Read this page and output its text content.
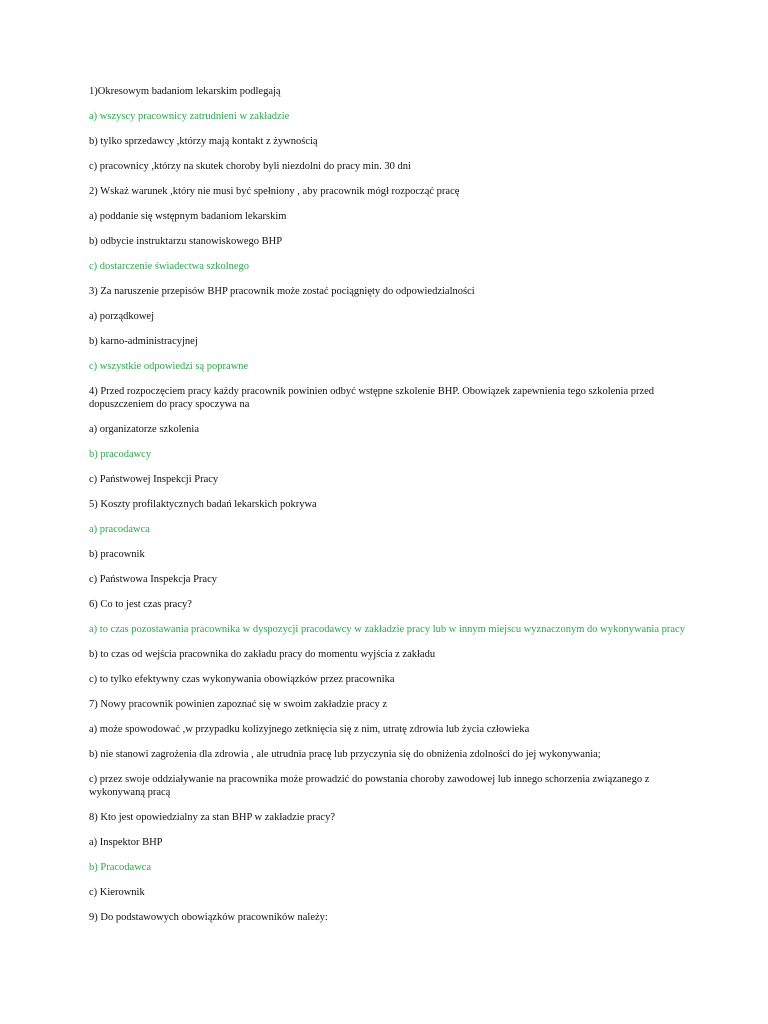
1)Okresowym badaniom lekarskim podlegają
a) wszyscy pracownicy zatrudnieni w zakładzie
b) tylko sprzedawcy ,którzy mają kontakt z żywnością
c) pracownicy ,którzy na skutek choroby byli niezdolni do pracy min. 30 dni
2) Wskaż warunek ,który nie musi być spełniony , aby pracownik mógł rozpocząć pracę
a) poddanie się wstępnym badaniom lekarskim
b) odbycie instruktarzu stanowiskowego BHP
c) dostarczenie świadectwa szkolnego
3) Za naruszenie przepisów BHP pracownik może zostać pociągnięty do odpowiedzialności
a) porządkowej
b) karno-administracyjnej
c) wszystkie odpowiedzi są poprawne
4) Przed rozpoczęciem pracy każdy pracownik powinien odbyć wstępne szkolenie BHP. Obowiązek zapewnienia tego szkolenia przed dopuszczeniem do pracy spoczywa na
a) organizatorze szkolenia
b) pracodawcy
c) Państwowej Inspekcji Pracy
5) Koszty profilaktycznych badań lekarskich pokrywa
a) pracodawca
b) pracownik
c) Państwowa Inspekcja Pracy
6) Co to jest czas pracy?
a) to czas pozostawania pracownika w dyspozycji pracodawcy w zakładzie pracy lub w innym miejscu wyznaczonym do wykonywania pracy
b) to czas od wejścia pracownika do zakładu pracy do momentu wyjścia z zakładu
c) to tylko efektywny czas wykonywania obowiązków przez pracownika
7) Nowy pracownik powinien zapoznać się w swoim zakładzie pracy z
a) może spowodować ,w przypadku kolizyjnego zetknięcia się z nim, utratę zdrowia lub życia człowieka
b) nie stanowi zagrożenia dla zdrowia , ale utrudnia pracę lub przyczynia się do obniżenia zdolności do jej wykonywania;
c) przez swoje oddziaływanie na pracownika może prowadzić do powstania choroby zawodowej lub innego schorzenia związanego z wykonywaną pracą
8) Kto jest opowiedzialny za stan BHP w zakładzie pracy?
a) Inspektor BHP
b) Pracodawca
c) Kierownik
9) Do podstawowych obowiązków pracowników należy:
